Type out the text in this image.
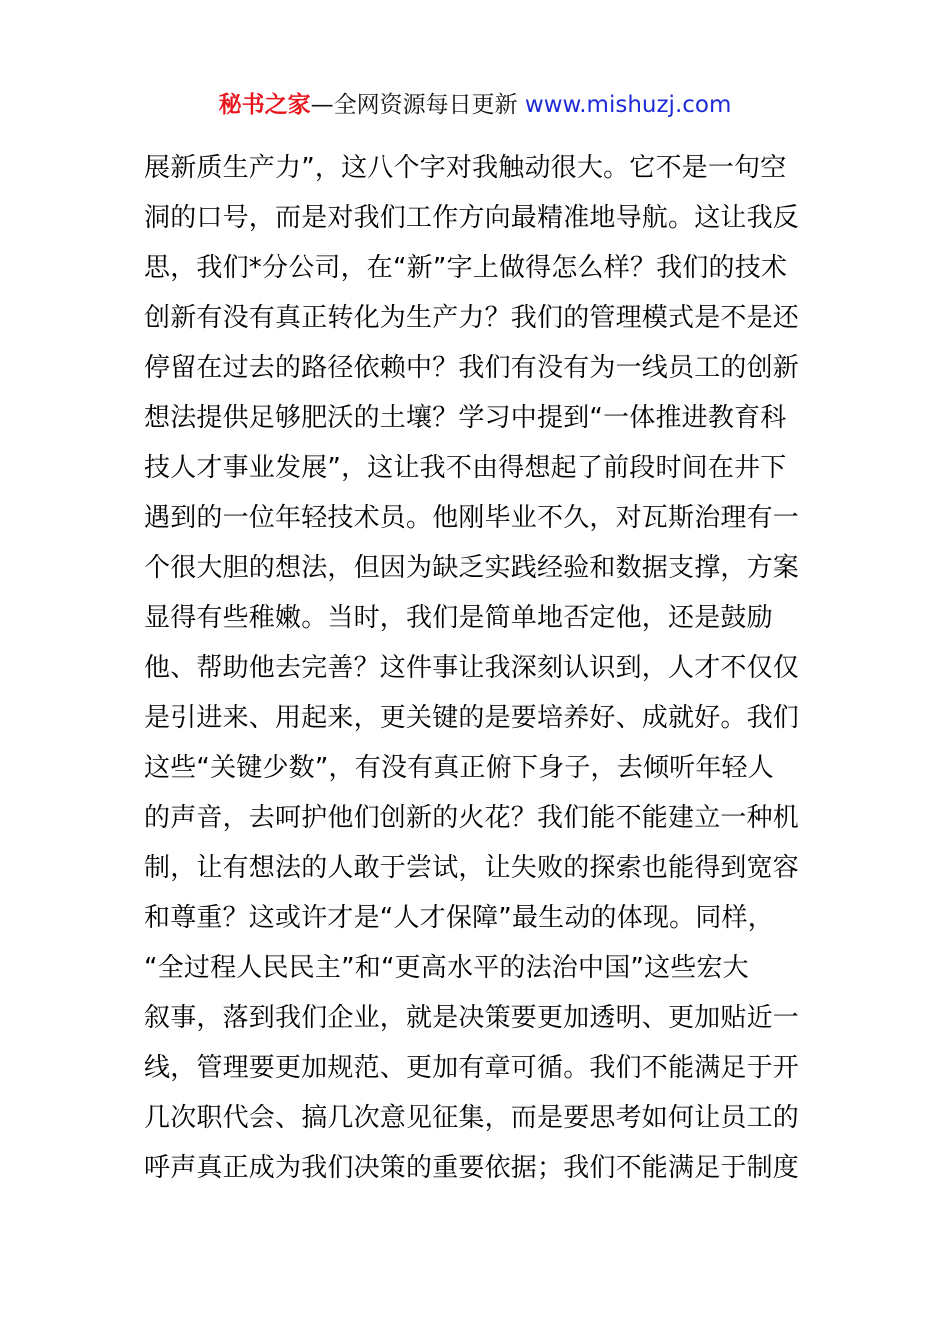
秘书之家—全网资源每日更新 www.mishuzj.com
展新质生产力”，这八个字对我触动很大。它不是一句空
洞的口号，而是对我们工作方向最精准地导航。这让我反
思，我们*分公司，在“新”字上做得怎么样？我们的技术
创新有没有真正转化为生产力？我们的管理模式是不是还
停留在过去的路径依赖中？我们有没有为一线员工的创新
想法提供足够肥沃的土壤？学习中提到“一体推进教育科
技人才事业发展”，这让我不由得想起了前段时间在井下
遇到的一位年轻技术员。他刚毕业不久，对瓦斯治理有一
个很大胆的想法，但因为缺乏实践经验和数据支撑，方案
显得有些稚嫩。当时，我们是简单地否定他，还是鼓励
他、帮助他去完善？这件事让我深刻认识到，人才不仅仅
是引进来、用起来，更关键的是要培养好、成就好。我们
这些“关键少数”，有没有真正俯下身子，去倾听年轻人
的声音，去呵护他们创新的火花？我们能不能建立一种机
制，让有想法的人敢于尝试，让失败的探索也能得到宽容
和尊重？这或许才是“人才保障”最生动的体现。同样，
“全过程人民民主”和“更高水平的法治中国”这些宏大
叙事，落到我们企业，就是决策要更加透明、更加贴近一
线，管理要更加规范、更加有章可循。我们不能满足于开
几次职代会、搞几次意见征集，而是要思考如何让员工的
呼声真正成为我们决策的重要依据；我们不能满足于制度
